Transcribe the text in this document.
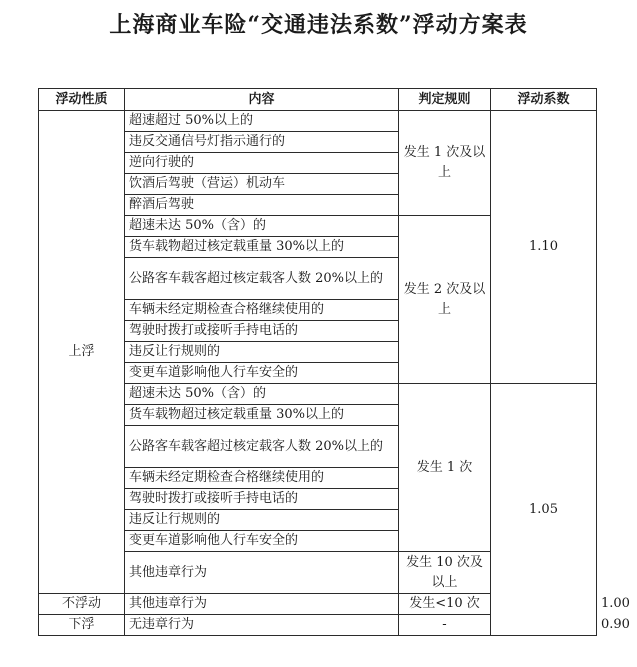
上海商业车险“交通违法系数”浮动方案表
浮动性质	内容	判定规则	浮动系数	
上浮	超速超过 50%以上的	发生 1 次及以上	1.10	
	违反交通信号灯指示通行的			
	逆向行驶的			
	饮酒后驾驶（营运）机动车			
	醉酒后驾驶			
	超速未达 50%（含）的	发生 2 次及以上		
	货车载物超过核定载重量 30%以上的			
	公路客车载客超过核定载客人数 20%以上的			
	车辆未经定期检查合格继续使用的			
	驾驶时拨打或接听手持电话的			
	违反让行规则的			
	变更车道影响他人行车安全的			
	超速未达 50%（含）的	发生 1 次	1.05	
	货车载物超过核定载重量 30%以上的			
	公路客车载客超过核定载客人数 20%以上的			
	车辆未经定期检查合格继续使用的			
	驾驶时拨打或接听手持电话的			
	违反让行规则的			
	变更车道影响他人行车安全的			
	其他违章行为	发生 10 次及以上		
不浮动	其他违章行为	发生<10 次		1.00
下浮	无违章行为	-		0.90
